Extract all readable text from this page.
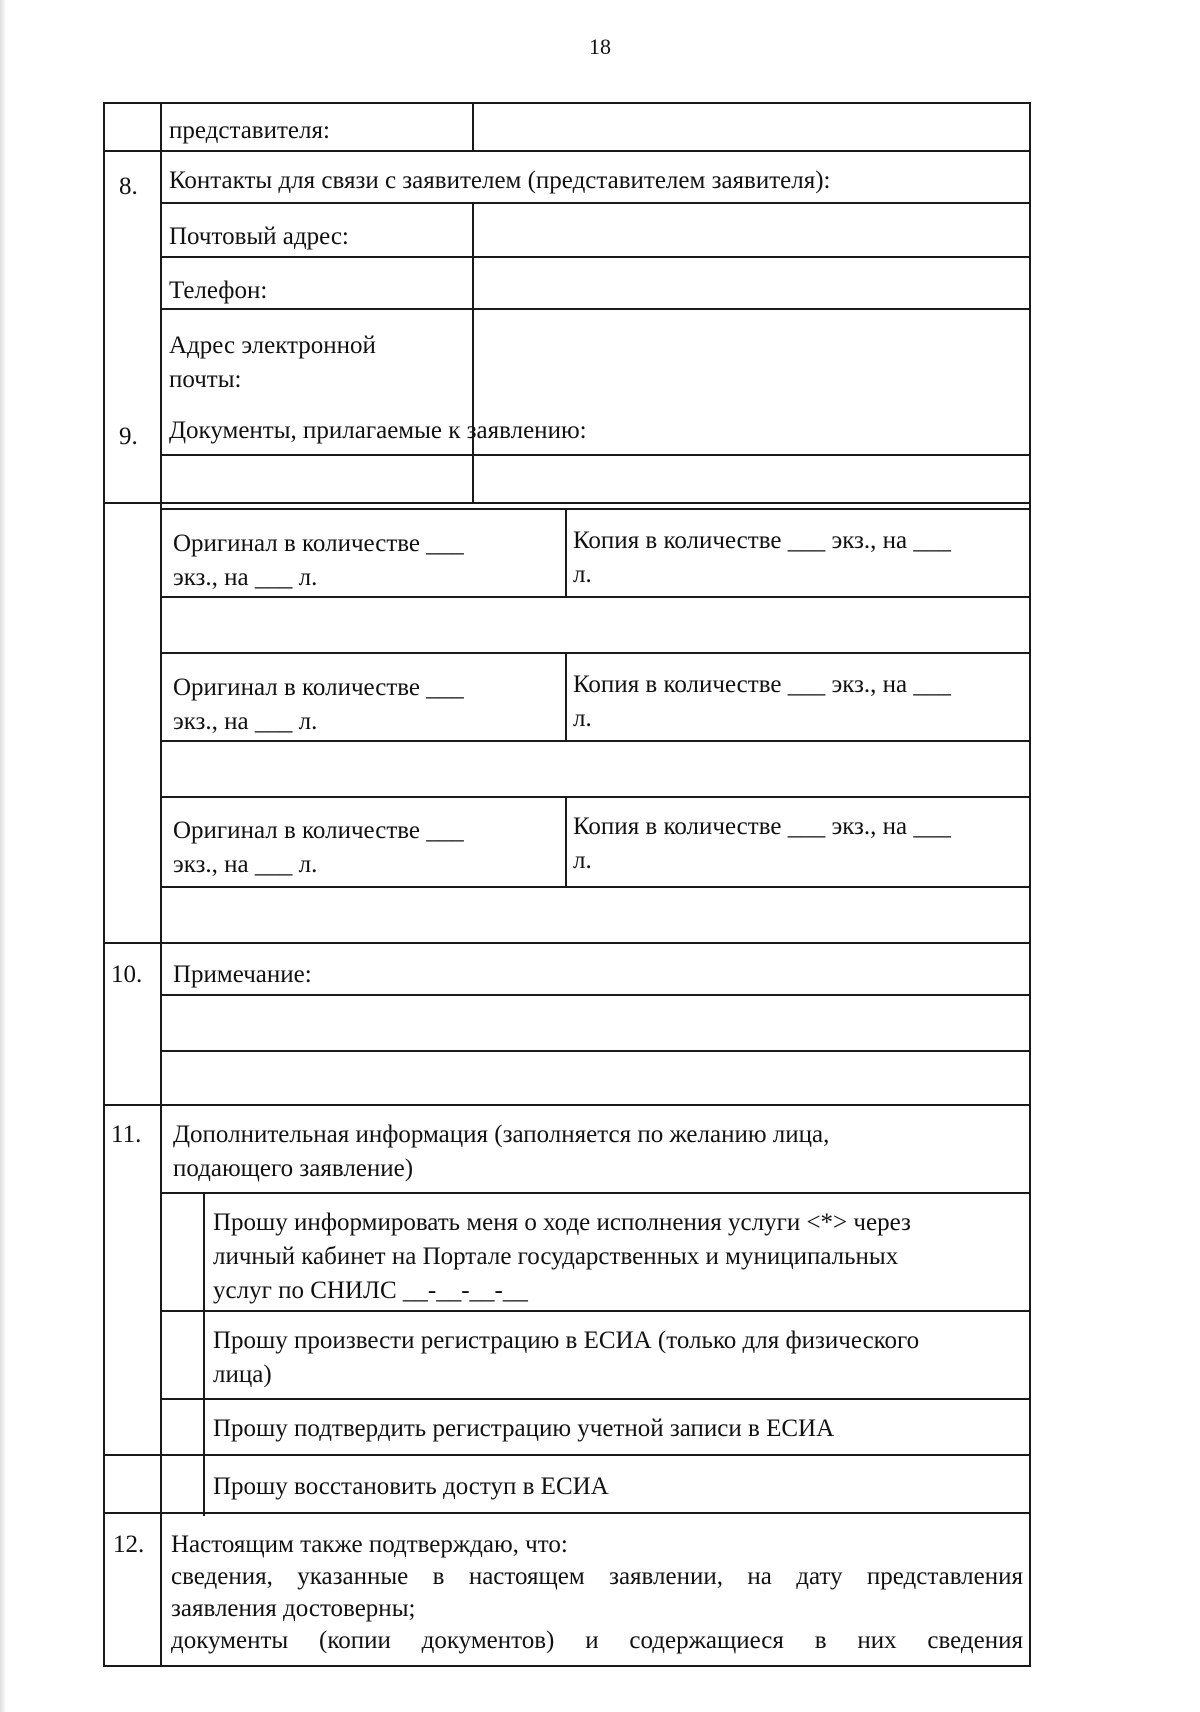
18
представителя:
8. Контакты для связи с заявителем (представителем заявителя):
Почтовый адрес:
Телефон:
Адрес электронной
почты:
9. Документы, прилагаемые к заявлению:
Оригинал в количестве ___
экз., на ___ л.
Копия в количестве ___ экз., на ___
л.
Оригинал в количестве ___
экз., на ___ л.
Копия в количестве ___ экз., на ___
л.
Оригинал в количестве ___
экз., на ___ л.
Копия в количестве ___ экз., на ___
л.
10. Примечание:
11. Дополнительная информация (заполняется по желанию лица,
подающего заявление)
Прошу информировать меня о ходе исполнения услуги <*> через
личный кабинет на Портале государственных и муниципальных
услуг по СНИЛС __-__-__-__
Прошу произвести регистрацию в ЕСИА (только для физического
лица)
Прошу подтвердить регистрацию учетной записи в ЕСИА
Прошу восстановить доступ в ЕСИА
12. Настоящим также подтверждаю, что:
сведения, указанные в настоящем заявлении, на дату представления
заявления достоверны;
документы (копии документов) и содержащиеся в них сведения
